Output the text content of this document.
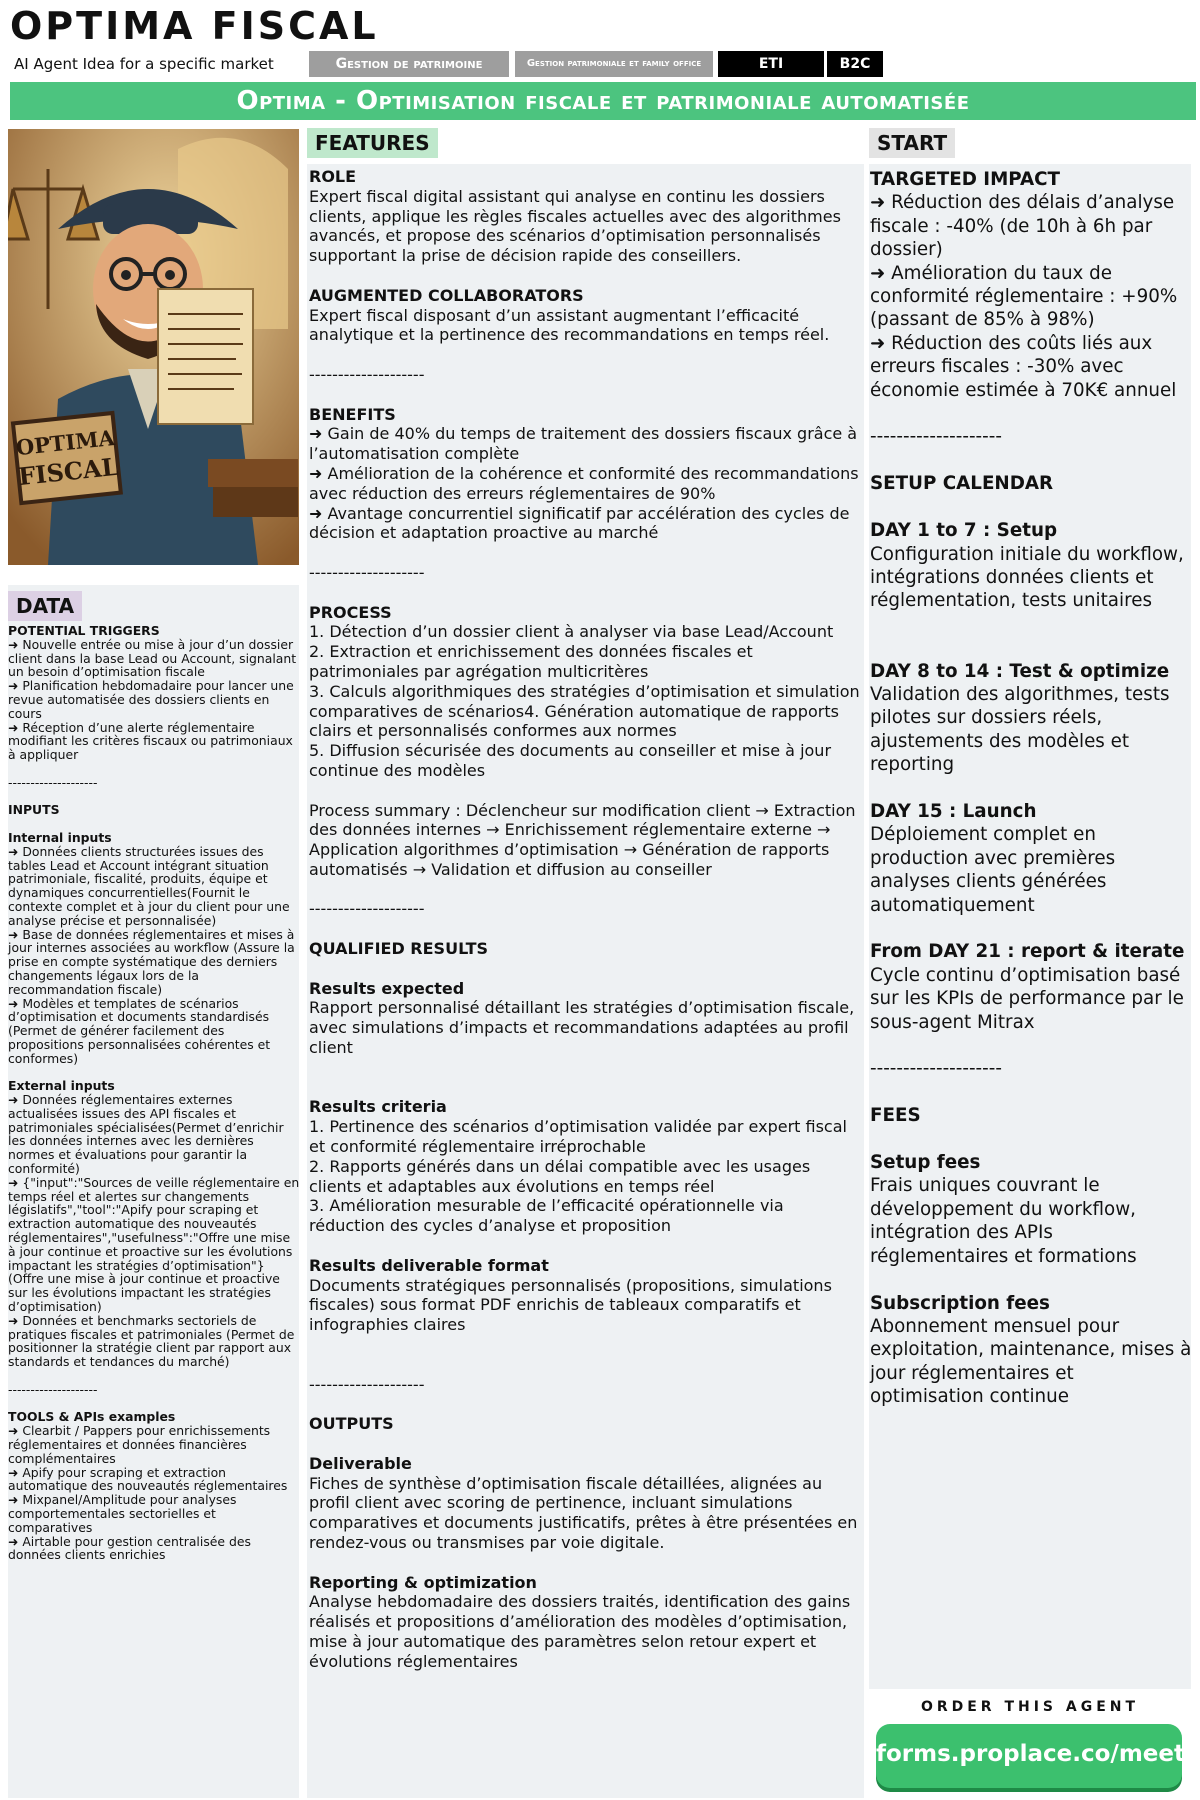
OPTIMA FISCAL
AI Agent Idea for a specific market	Gestion de patrimoine	Gestion patrimoniale et family office	ETI	B2C
Optima - Optimisation fiscale et patrimoniale automatisée
OPTIMA
FISCAL
DATA
FEATURES	START

POTENTIAL TRIGGERS

➜ Nouvelle entrée ou mise à jour d’un dossier client dans la base Lead ou Account, signalant un besoin d’optimisation fiscale

➜ Planification hebdomadaire pour lancer une revue automatisée des dossiers clients en cours

➜ Réception d’une alerte réglementaire modifiant les critères fiscaux ou patrimoniaux à appliquer

--------------------

INPUTS

Internal inputs

➜ Données clients structurées issues des tables Lead et Account intégrant situation patrimoniale, fiscalité, produits, équipe et dynamiques concurrentielles(Fournit le contexte complet et à jour du client pour une analyse précise et personnalisée)

➜ Base de données réglementaires et mises à jour internes associées au workflow (Assure la prise en compte systématique des derniers changements légaux lors de la recommandation fiscale)

➜ Modèles et templates de scénarios d’optimisation et documents standardisés (Permet de générer facilement des propositions personnalisées cohérentes et conformes)

External inputs

➜ Données réglementaires externes actualisées issues des API fiscales et patrimoniales spécialisées(Permet d’enrichir les données internes avec les dernières normes et évaluations pour garantir la conformité)

➜ {"input":"Sources de veille réglementaire en temps réel et alertes sur changements législatifs","tool":"Apify pour scraping et extraction automatique des nouveautés réglementaires","usefulness":"Offre une mise à jour continue et proactive sur les évolutions impactant les stratégies d’optimisation"} (Offre une mise à jour continue et proactive sur les évolutions impactant les stratégies d’optimisation)

➜ Données et benchmarks sectoriels de pratiques fiscales et patrimoniales (Permet de positionner la stratégie client par rapport aux standards et tendances du marché)

--------------------

TOOLS & APIs examples

➜ Clearbit / Pappers pour enrichissements réglementaires et données financières complémentaires

➜ Apify pour scraping et extraction automatique des nouveautés réglementaires

➜ Mixpanel/Amplitude pour analyses comportementales sectorielles et comparatives

➜ Airtable pour gestion centralisée des données clients enrichies

ROLE

Expert fiscal digital assistant qui analyse en continu les dossiers clients, applique les règles fiscales actuelles avec des algorithmes avancés, et propose des scénarios d’optimisation personnalisés supportant la prise de décision rapide des conseillers.

AUGMENTED COLLABORATORS

Expert fiscal disposant d’un assistant augmentant l’efficacité analytique et la pertinence des recommandations en temps réel.

--------------------

BENEFITS

➜ Gain de 40% du temps de traitement des dossiers fiscaux grâce à l’automatisation complète

➜ Amélioration de la cohérence et conformité des recommandations avec réduction des erreurs réglementaires de 90%

➜ Avantage concurrentiel significatif par accélération des cycles de décision et adaptation proactive au marché

--------------------

PROCESS

1. Détection d’un dossier client à analyser via base Lead/Account

2. Extraction et enrichissement des données fiscales et patrimoniales par agrégation multicritères

3. Calculs algorithmiques des stratégies d’optimisation et simulation comparatives de scénarios4. Génération automatique de rapports clairs et personnalisés conformes aux normes

5. Diffusion sécurisée des documents au conseiller et mise à jour continue des modèles

Process summary : Déclencheur sur modification client → Extraction des données internes → Enrichissement réglementaire externe → Application algorithmes d’optimisation → Génération de rapports automatisés → Validation et diffusion au conseiller

--------------------

QUALIFIED RESULTS

Results expected

Rapport personnalisé détaillant les stratégies d’optimisation fiscale, avec simulations d’impacts et recommandations adaptées au profil client

Results criteria

1. Pertinence des scénarios d’optimisation validée par expert fiscal et conformité réglementaire irréprochable

2. Rapports générés dans un délai compatible avec les usages clients et adaptables aux évolutions en temps réel

3. Amélioration mesurable de l’efficacité opérationnelle via réduction des cycles d’analyse et proposition

Results deliverable format

Documents stratégiques personnalisés (propositions, simulations fiscales) sous format PDF enrichis de tableaux comparatifs et infographies claires

--------------------

OUTPUTS

Deliverable

Fiches de synthèse d’optimisation fiscale détaillées, alignées au profil client avec scoring de pertinence, incluant simulations comparatives et documents justificatifs, prêtes à être présentées en rendez-vous ou transmises par voie digitale.

Reporting & optimization

Analyse hebdomadaire des dossiers traités, identification des gains réalisés et propositions d’amélioration des modèles d’optimisation, mise à jour automatique des paramètres selon retour expert et évolutions réglementaires

TARGETED IMPACT

➜ Réduction des délais d’analyse fiscale : -40% (de 10h à 6h par dossier)

➜ Amélioration du taux de conformité réglementaire : +90% (passant de 85% à 98%)

➜ Réduction des coûts liés aux erreurs fiscales : -30% avec économie estimée à 70K€ annuel

--------------------

SETUP CALENDAR

DAY 1 to 7 : Setup

Configuration initiale du workflow, intégrations données clients et réglementation, tests unitaires

DAY 8 to 14 : Test & optimize

Validation des algorithmes, tests pilotes sur dossiers réels, ajustements des modèles et reporting

DAY 15 : Launch

Déploiement complet en production avec premières analyses clients générées automatiquement

From DAY 21 : report & iterate

Cycle continu d’optimisation basé sur les KPIs de performance par le sous-agent Mitrax

--------------------

FEES

Setup fees

Frais uniques couvrant le développement du workflow, intégration des APIs réglementaires et formations

Subscription fees

Abonnement mensuel pour exploitation, maintenance, mises à jour réglementaires et optimisation continue

ORDER THIS AGENT
forms.proplace.co/meet
